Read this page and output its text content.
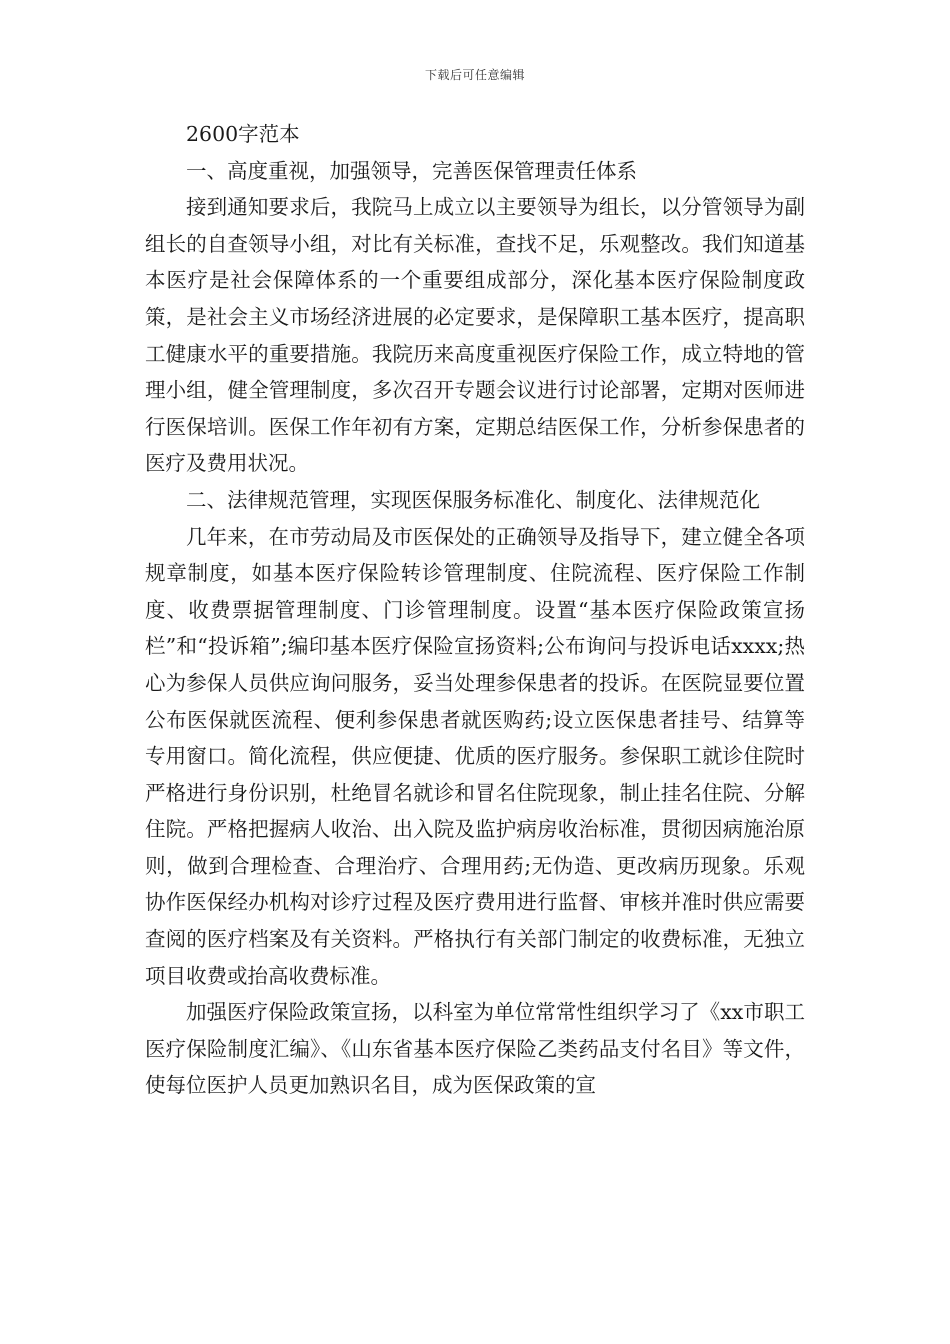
下载后可任意编辑

2600字范本

一、高度重视，加强领导，完善医保管理责任体系

接到通知要求后，我院马上成立以主要领导为组长，以分管领导为副组长的自查领导小组，对比有关标准，查找不足，乐观整改。我们知道基本医疗是社会保障体系的一个重要组成部分，深化基本医疗保险制度政策，是社会主义市场经济进展的必定要求，是保障职工基本医疗，提高职工健康水平的重要措施。我院历来高度重视医疗保险工作，成立特地的管理小组，健全管理制度，多次召开专题会议进行讨论部署，定期对医师进行医保培训。医保工作年初有方案，定期总结医保工作，分析参保患者的医疗及费用状况。

二、法律规范管理，实现医保服务标准化、制度化、法律规范化

几年来，在市劳动局及市医保处的正确领导及指导下，建立健全各项规章制度，如基本医疗保险转诊管理制度、住院流程、医疗保险工作制度、收费票据管理制度、门诊管理制度。设置“基本医疗保险政策宣扬栏”和“投诉箱”;编印基本医疗保险宣扬资料;公布询问与投诉电话xxxx;热心为参保人员供应询问服务，妥当处理参保患者的投诉。在医院显要位置公布医保就医流程、便利参保患者就医购药;设立医保患者挂号、结算等专用窗口。简化流程，供应便捷、优质的医疗服务。参保职工就诊住院时严格进行身份识别，杜绝冒名就诊和冒名住院现象，制止挂名住院、分解住院。严格把握病人收治、出入院及监护病房收治标准，贯彻因病施治原则，做到合理检查、合理治疗、合理用药;无伪造、更改病历现象。乐观协作医保经办机构对诊疗过程及医疗费用进行监督、审核并准时供应需要查阅的医疗档案及有关资料。严格执行有关部门制定的收费标准，无独立项目收费或抬高收费标准。

加强医疗保险政策宣扬，以科室为单位常常性组织学习了《xx市职工医疗保险制度汇编》、《山东省基本医疗保险乙类药品支付名目》等文件，使每位医护人员更加熟识名目，成为医保政策的宣
